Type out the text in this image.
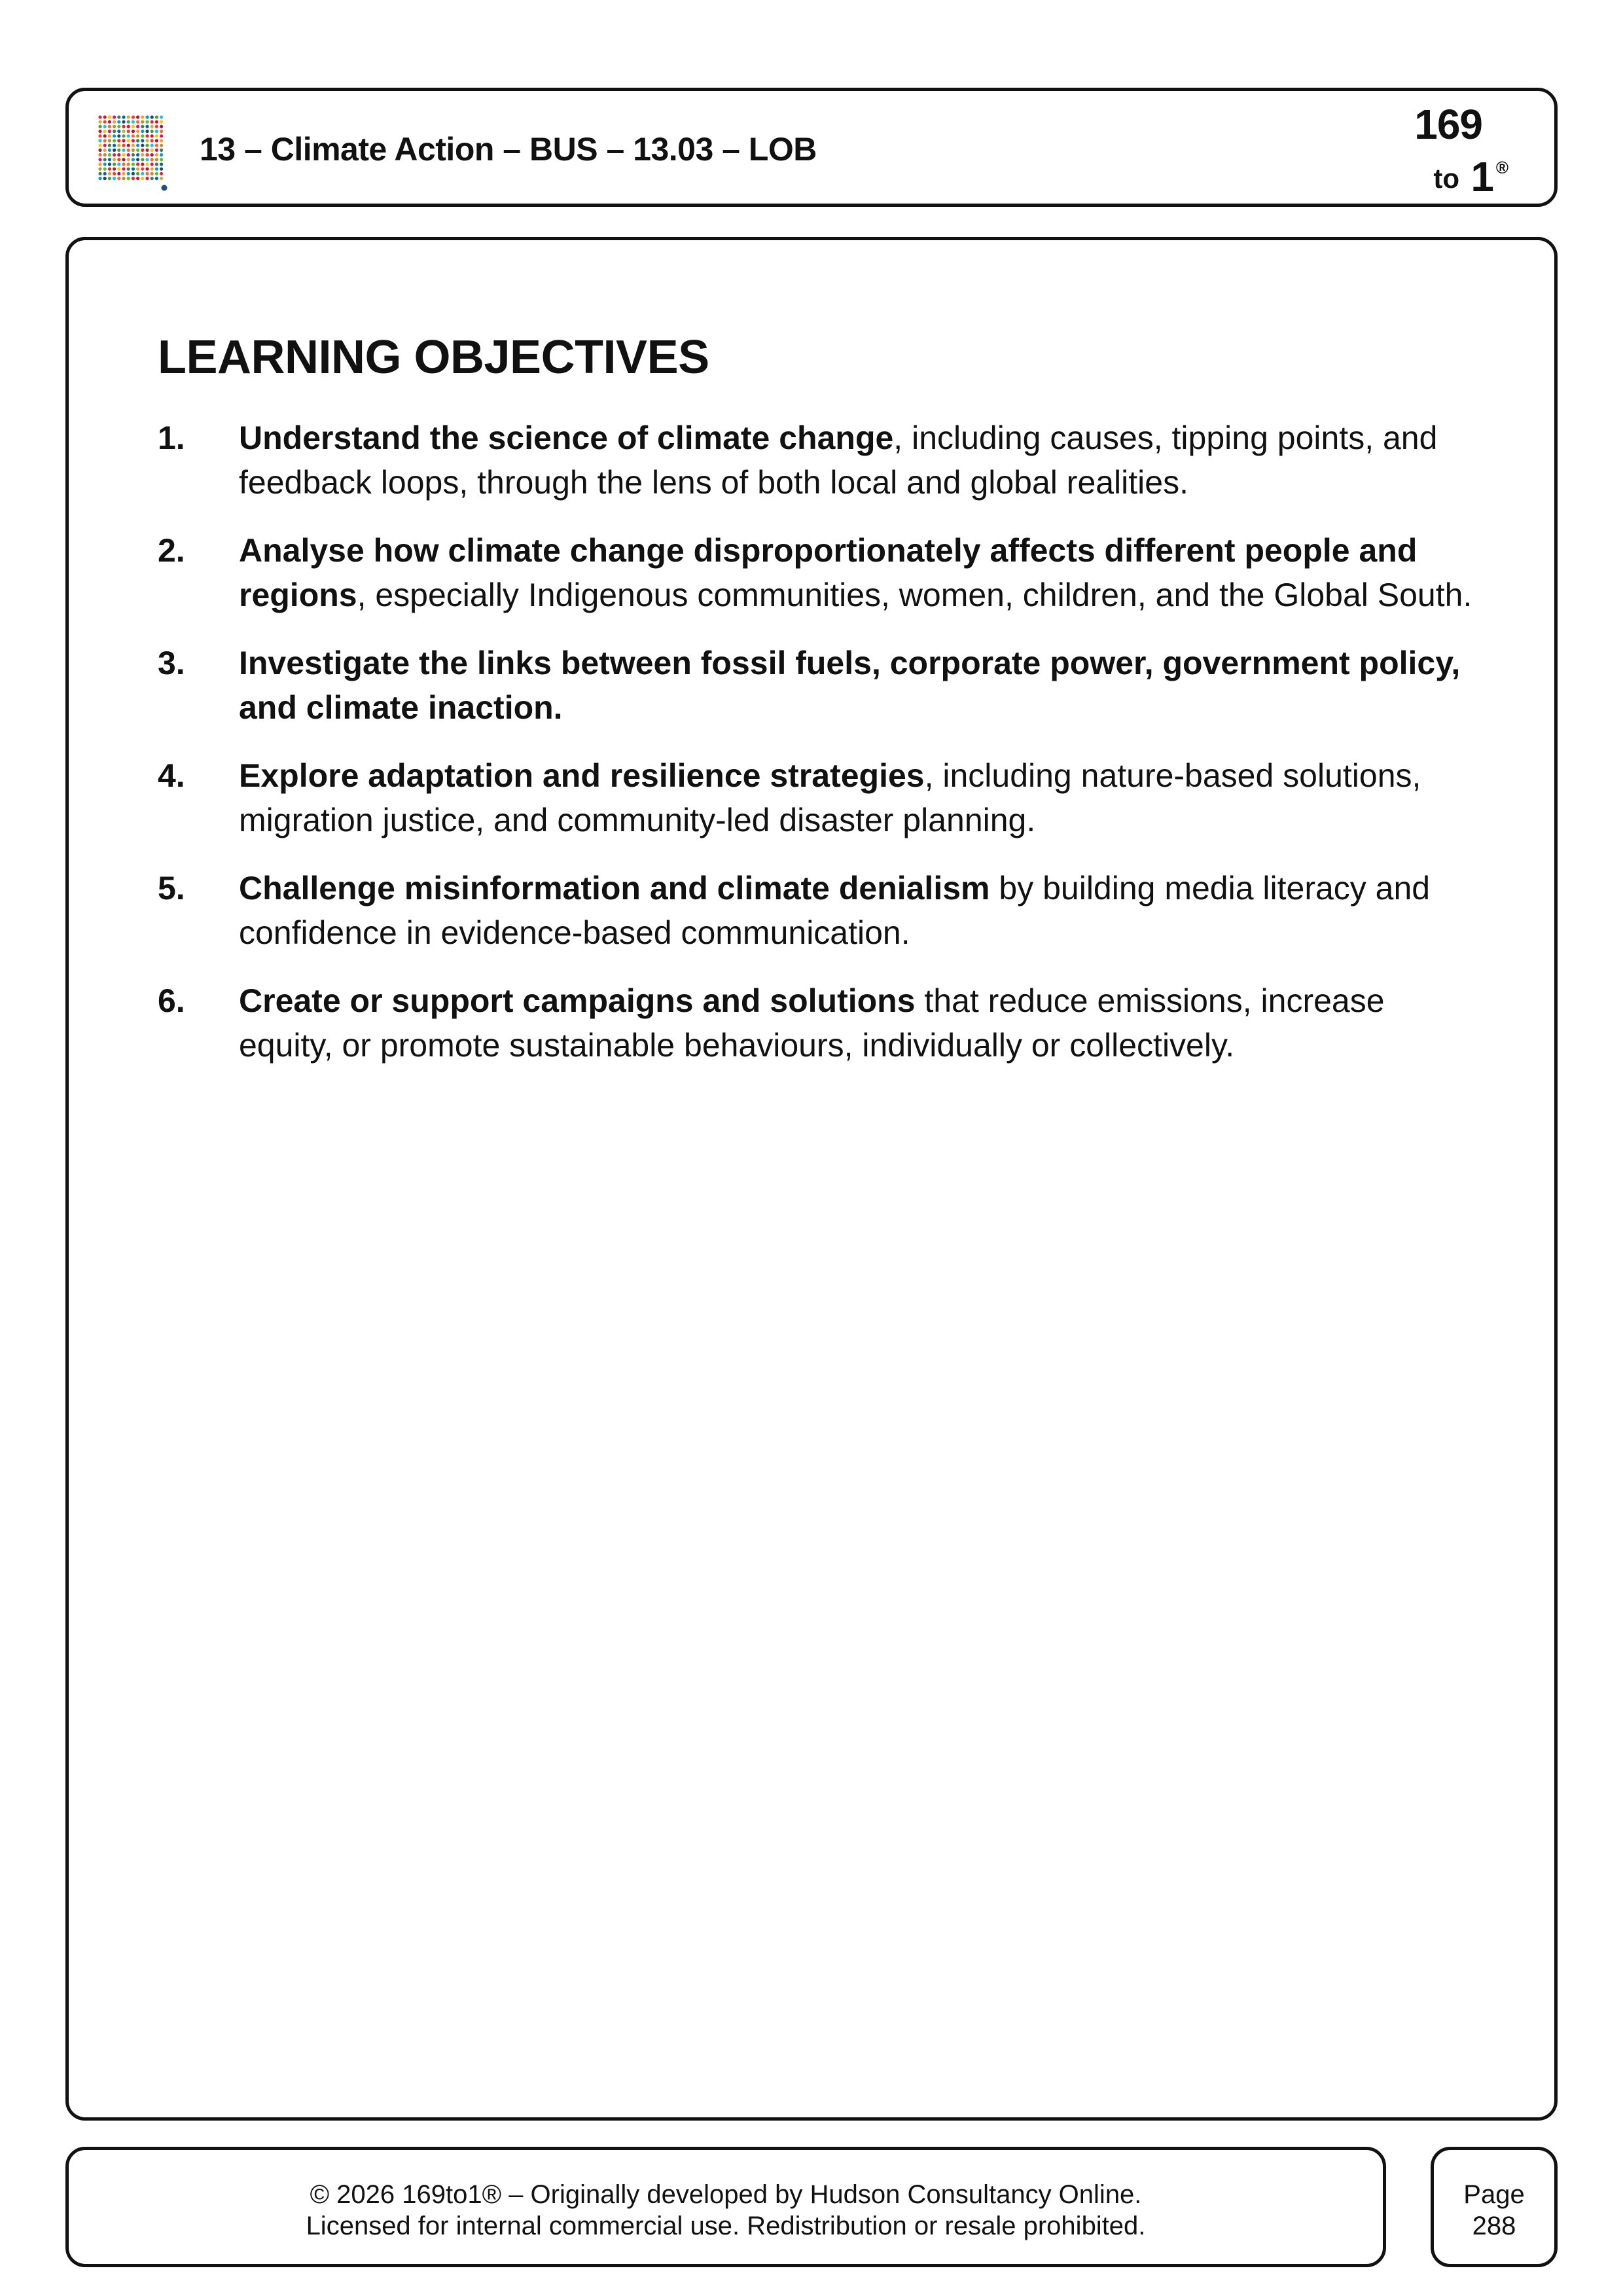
13 – Climate Action – BUS – 13.03 – LOB
169
to 1 ®
LEARNING OBJECTIVES
1. Understand the science of climate change, including causes, tipping points, and feedback loops, through the lens of both local and global realities.
2. Analyse how climate change disproportionately affects different people and regions, especially Indigenous communities, women, children, and the Global South.
3. Investigate the links between fossil fuels, corporate power, government policy, and climate inaction.
4. Explore adaptation and resilience strategies, including nature-based solutions, migration justice, and community-led disaster planning.
5. Challenge misinformation and climate denialism by building media literacy and confidence in evidence-based communication.
6. Create or support campaigns and solutions that reduce emissions, increase equity, or promote sustainable behaviours, individually or collectively.
© 2026 169to1® – Originally developed by Hudson Consultancy Online.
Licensed for internal commercial use. Redistribution or resale prohibited.
Page
288
